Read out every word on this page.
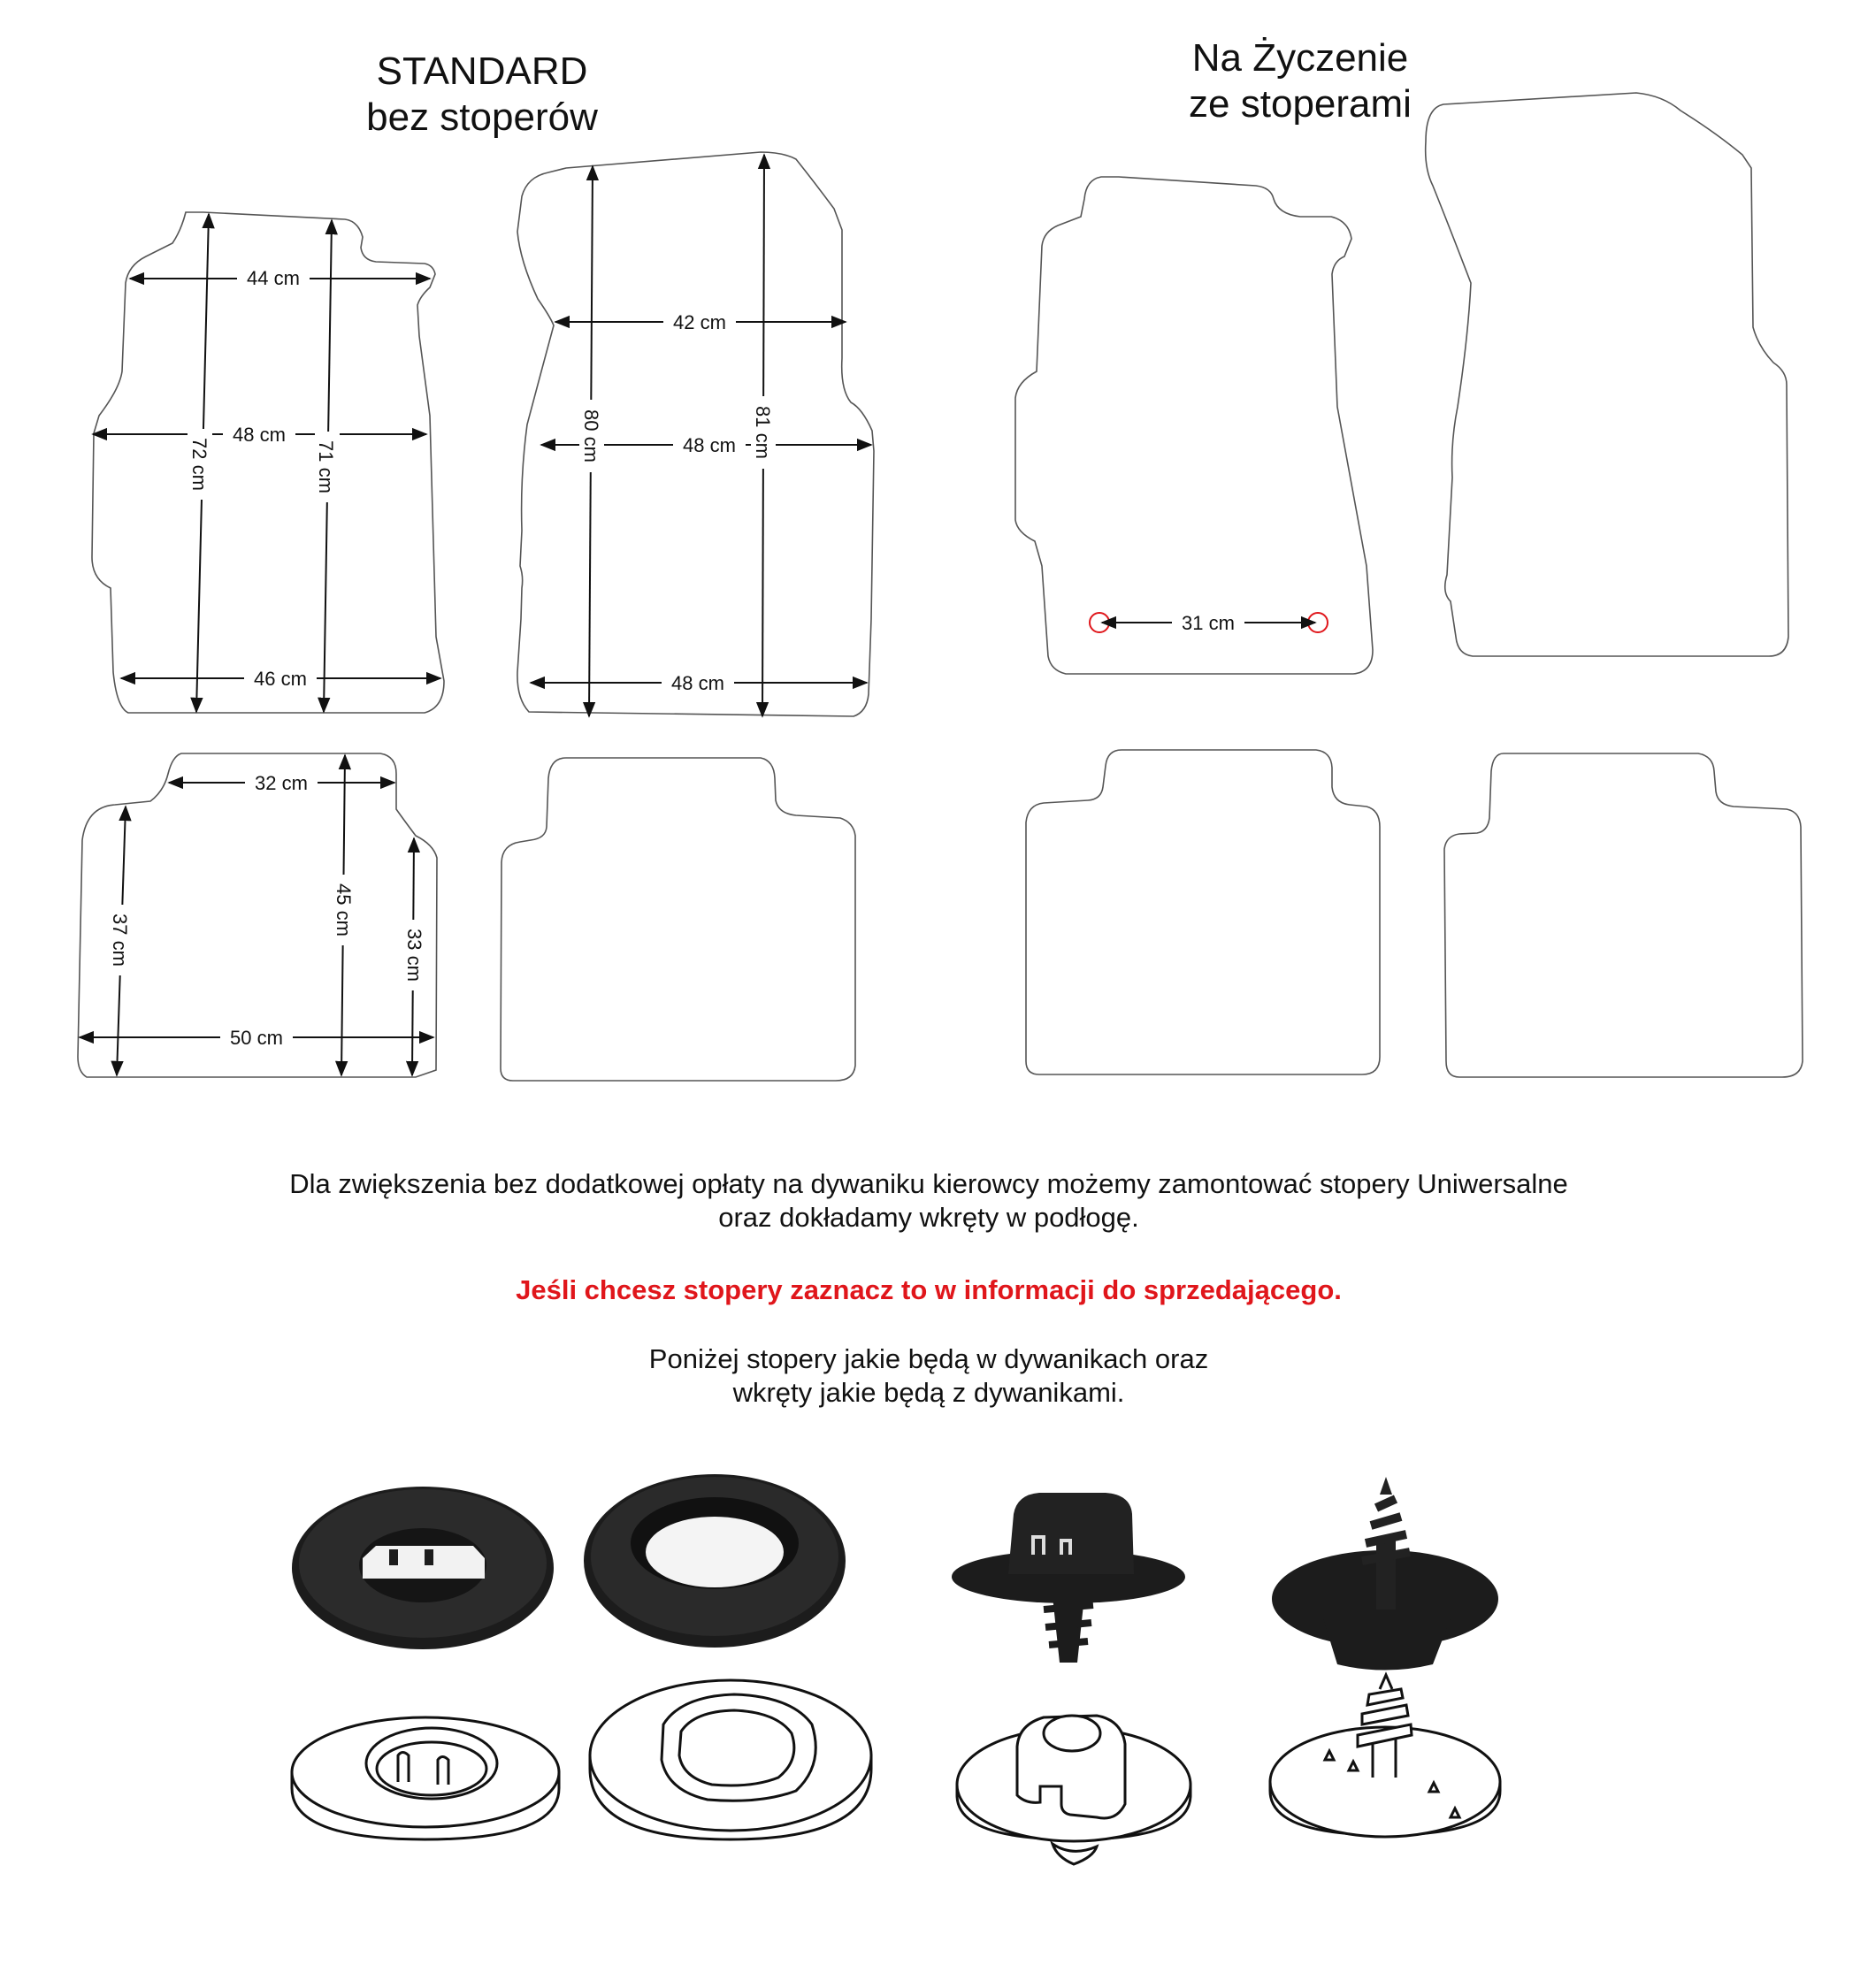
STANDARD
bez stoperów
Na Życzenie
ze stoperami
44 cm
48 cm
46 cm
72 cm	71 cm
42 cm
48 cm
48 cm
80 cm	81 cm
32 cm
50 cm
37 cm
45 cm
33 cm
31 cm
Dla zwiększenia bez dodatkowej opłaty na dywaniku kierowcy możemy zamontować stopery Uniwersalne
oraz dokładamy wkręty w podłogę.
Jeśli chcesz stopery zaznacz to w informacji do sprzedającego.
Poniżej stopery jakie będą w dywanikach oraz
wkręty jakie będą z dywanikami.
